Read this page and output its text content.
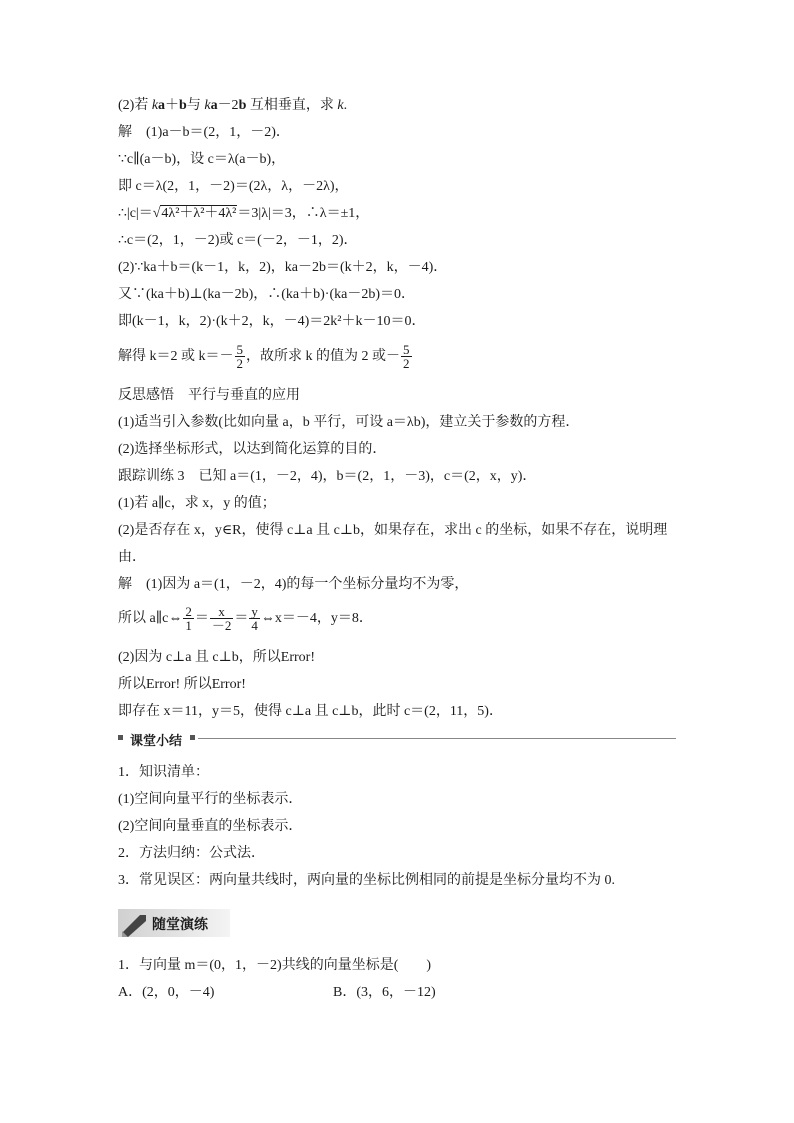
(2)若 ka＋b与 ka－2b 互相垂直，求 k.
解　(1)a－b＝(2，1，－2)．
∵c∥(a－b)，设 c＝λ(a－b)，
即 c＝λ(2，1，－2)＝(2λ，λ，－2λ)，
∴|c|＝√4λ²＋λ²＋4λ²＝3|λ|＝3，∴λ＝±1，
∴c＝(2，1，－2)或 c＝(－2，－1，2)．
(2)∵ka＋b＝(k－1，k，2)，ka－2b＝(k＋2，k，－4)．
又∵(ka＋b)⊥(ka－2b)，∴(ka＋b)·(ka－2b)＝0．
即(k－1，k，2)·(k＋2，k，－4)＝2k²＋k－10＝0．
解得 k＝2 或 $k=- \frac{5}{2}$ ，故所求 k 的值为 2 或－ $\frac{5}{2}$
反思感悟　平行与垂直的应用
(1)适当引入参数(比如向量 a，b 平行，可设 a＝λb)，建立关于参数的方程．
(2)选择坐标形式，以达到简化运算的目的．
跟踪训练 3　已知 a＝(1，－2，4)，b＝(2，1，－3)，c＝(2，x，y)．
(1)若 a∥c，求 x，y 的值；
(2)是否存在 x，y∈R，使得 c⊥a 且 c⊥b，如果存在，求出 c 的坐标，如果不存在，说明理
由．
解　(1)因为 a＝(1，－2，4)的每一个坐标分量均不为零，
所以 a∥c⇔ $\frac{2}{1} = \frac{x}{-2} = \frac{y}{4}$ ⇔x＝－4，y＝8．
(2)因为 c⊥a 且 c⊥b，所以Error!
所以Error! 所以Error!
即存在 x＝11，y＝5，使得 c⊥a 且 c⊥b，此时 c＝(2，11，5)．
课堂小结
1．知识清单：
(1)空间向量平行的坐标表示．
(2)空间向量垂直的坐标表示．
2．方法归纳：公式法．
3．常见误区：两向量共线时，两向量的坐标比例相同的前提是坐标分量均不为 0.
随堂演练
1．与向量 m＝(0，1，－2)共线的向量坐标是(　　)
A．(2，0，－4)	B．(3，6，－12)
